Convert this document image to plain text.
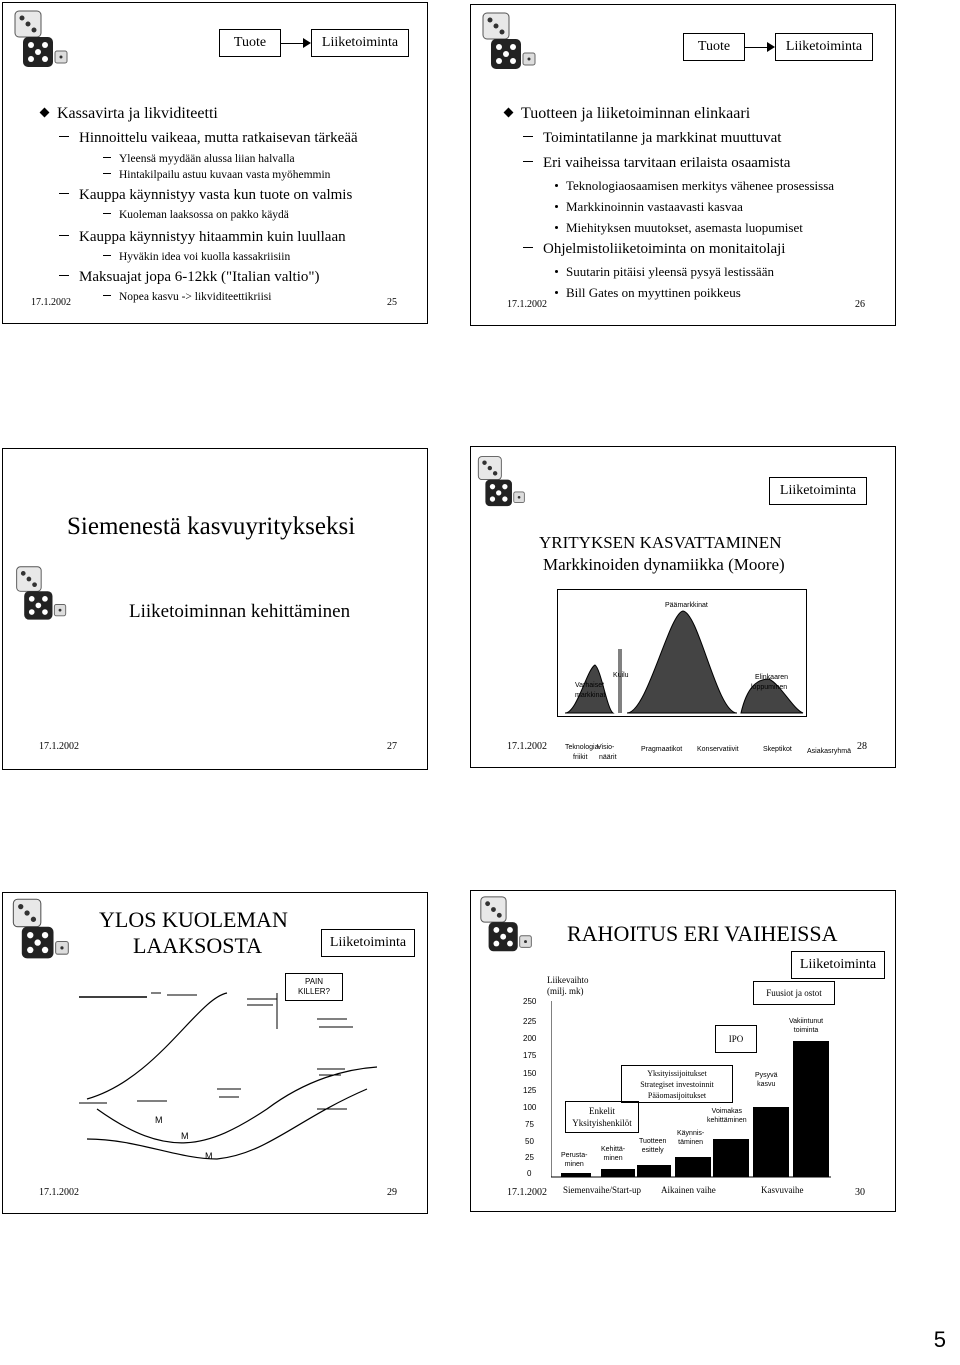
Tuote	Liiketoiminta
Kassavirta ja likviditeetti
Hinnoittelu vaikeaa, mutta ratkaisevan tärkeää
Yleensä myydään alussa liian halvalla
Hintakilpailu astuu kuvaan vasta myöhemmin
Kauppa käynnistyy vasta kun tuote on valmis
Kuoleman laaksossa on pakko käydä
Kauppa käynnistyy hitaammin kuin luullaan
Hyväkin idea voi kuolla kassakriisiin
Maksuajat jopa 6-12kk ("Italian valtio")
Nopea kasvu -> likviditeettikriisi
17.1.2002	25
Tuote	Liiketoiminta
Tuotteen ja liiketoiminnan elinkaari
Toimintatilanne ja markkinat muuttuvat
Eri vaiheissa tarvitaan erilaista osaamista
Teknologiaosaamisen merkitys vähenee prosessissa
Markkinoinnin vastaavasti kasvaa
Miehityksen muutokset, asemasta luopumiset
Ohjelmistoliiketoiminta on monitaitolaji
Suutarin pitäisi yleensä pysyä lestissään
Bill Gates on myyttinen poikkeus
17.1.2002	26
Siemenestä kasvuyritykseksi
Liiketoiminnan kehittäminen
17.1.2002	27
Liiketoiminta
YRITYKSEN KASVATTAMINEN
Markkinoiden dynamiikka (Moore)
Päämarkkinat
Kuilu
Varhaiset
markkinat
Elinkaaren
loppuminen
Teknologia-
friikit
Visio-
näärit
Pragmaatikot Konservatiivit	Skeptikot Asiakasryhmä
17.1.2002	28
YLOS KUOLEMAN
LAAKSOSTA	Liiketoiminta
PAIN
KILLER?
M
M
M
17.1.2002	29
RAHOITUS ERI VAIHEISSA
Liiketoiminta
Liikevaihto
(milj. mk)
250
225
200
175
150
125
100
75
50
25
0
Fuusiot ja ostot
Vakiintunut
toiminta
IPO
Yksityissijoitukset
Strategiset investoinnit
Pääomasijoitukset
Pysyvä
kasvu
Voimakas
kehittäminen
Enkelit
Yksityishenkilöt
Käynnis-
täminen
Tuotteen
esittely
Kehittä-
minen
Perusta-
minen
Siemenvaihe/Start-up Aikainen vaihe	Kasvuvaihe
17.1.2002	30
5
